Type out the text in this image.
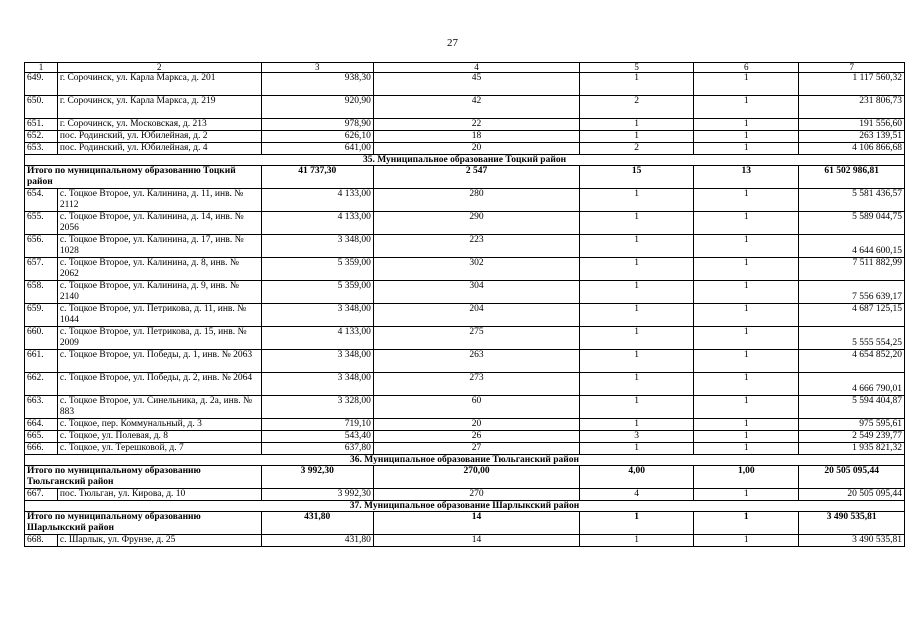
27
1	2	3	4	5	6	7
649.	г. Сорочинск, ул. Карла Маркса, д. 201	938,30	45	1	1	1 117 560,32
650.	г. Сорочинск, ул. Карла Маркса, д. 219	920,90	42	2	1	231 806,73
651.	г. Сорочинск, ул. Московская, д. 213	978,90	22	1	1	191 556,60
652.	пос. Родинский, ул. Юбилейная, д. 2	626,10	18	1	1	263 139,51
653.	пос. Родинский, ул. Юбилейная, д. 4	641,00	20	2	1	4 106 866,68
35. Муниципальное образование Тоцкий район						
Итого по муниципальному образованию Тоцкий район		41 737,30	2 547	15	13	61 502 986,81
654.	с. Тоцкое Второе, ул. Калинина, д. 11, инв. № 2112	4 133,00	280	1	1	5 581 436,57
655.	с. Тоцкое Второе, ул. Калинина, д. 14, инв. № 2056	4 133,00	290	1	1	5 589 044,75
656.	с. Тоцкое Второе, ул. Калинина, д. 17, инв. № 1028	3 348,00	223	1	1	4 644 600,15
657.	с. Тоцкое Второе, ул. Калинина, д. 8, инв. № 2062	5 359,00	302	1	1	7 511 882,99
658.	с. Тоцкое Второе, ул. Калинина, д. 9, инв. № 2140	5 359,00	304	1	1	7 556 639,17
659.	с. Тоцкое Второе, ул. Петрикова, д. 11, инв. № 1044	3 348,00	204	1	1	4 687 125,15
660.	с. Тоцкое Второе, ул. Петрикова, д. 15, инв. № 2009	4 133,00	275	1	1	5 555 554,25
661.	с. Тоцкое Второе, ул. Победы, д. 1, инв. № 2063	3 348,00	263	1	1	4 654 852,20
662.	с. Тоцкое Второе, ул. Победы, д. 2, инв. № 2064	3 348,00	273	1	1	4 666 790,01
663.	с. Тоцкое Второе, ул. Синельника, д. 2а, инв. № 883	3 328,00	60	1	1	5 594 404,87
664.	с. Тоцкое, пер. Коммунальный, д. 3	719,10	20	1	1	975 595,61
665.	с. Тоцкое, ул. Полевая, д. 8	543,40	26	3	1	2 549 239,77
666.	с. Тоцкое, ул. Терешковой, д. 7	637,80	27	1	1	1 935 821,32
36. Муниципальное образование Тюльганский район						
Итого по муниципальному образованию Тюльганский район		3 992,30	270,00	4,00	1,00	20 505 095,44
667.	пос. Тюльган, ул. Кирова, д. 10	3 992,30	270	4	1	20 505 095,44
37. Муниципальное образование Шарлыкский район						
Итого по муниципальному образованию Шарлыкский район		431,80	14	1	1	3 490 535,81
668.	с. Шарлык, ул. Фрунзе, д. 25	431,80	14	1	1	3 490 535,81
